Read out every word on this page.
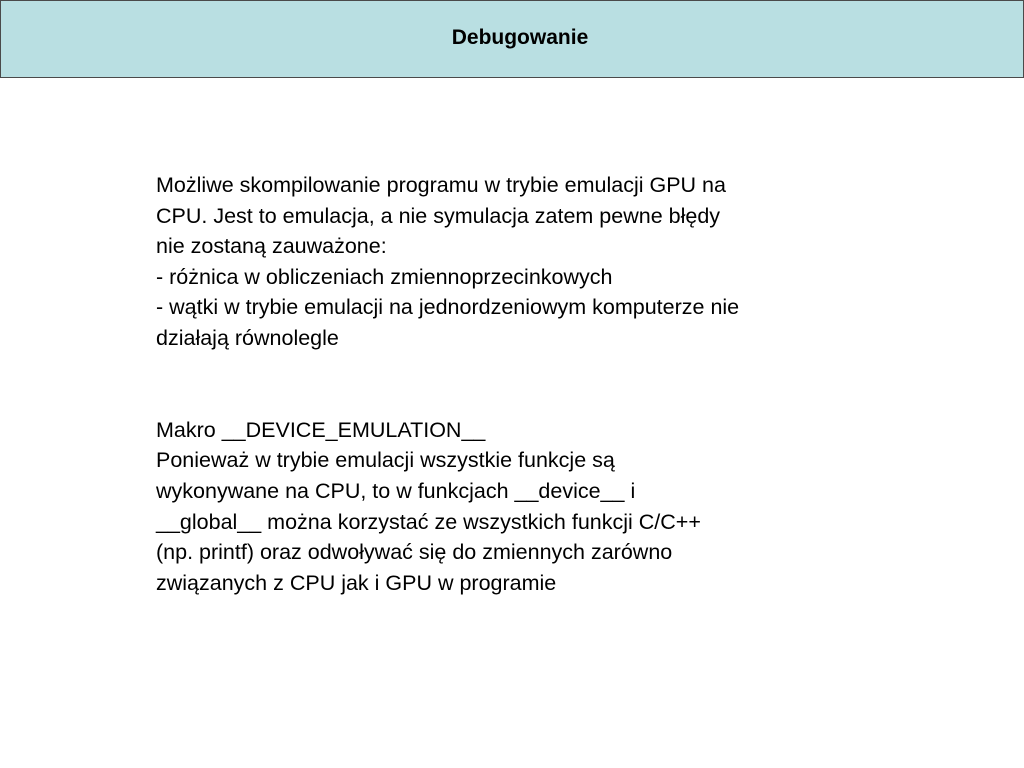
Debugowanie
Możliwe skompilowanie programu w trybie emulacji GPU na
CPU. Jest to emulacja, a nie symulacja zatem pewne błędy
nie zostaną zauważone:
- różnica w obliczeniach zmiennoprzecinkowych
- wątki w trybie emulacji na jednordzeniowym komputerze nie
działają równolegle
Makro __DEVICE_EMULATION__
Ponieważ w trybie emulacji wszystkie funkcje są
wykonywane na CPU, to w funkcjach __device__ i
__global__ można korzystać ze wszystkich funkcji C/C++
(np. printf) oraz odwoływać się do zmiennych zarówno
związanych z CPU jak i GPU w programie
